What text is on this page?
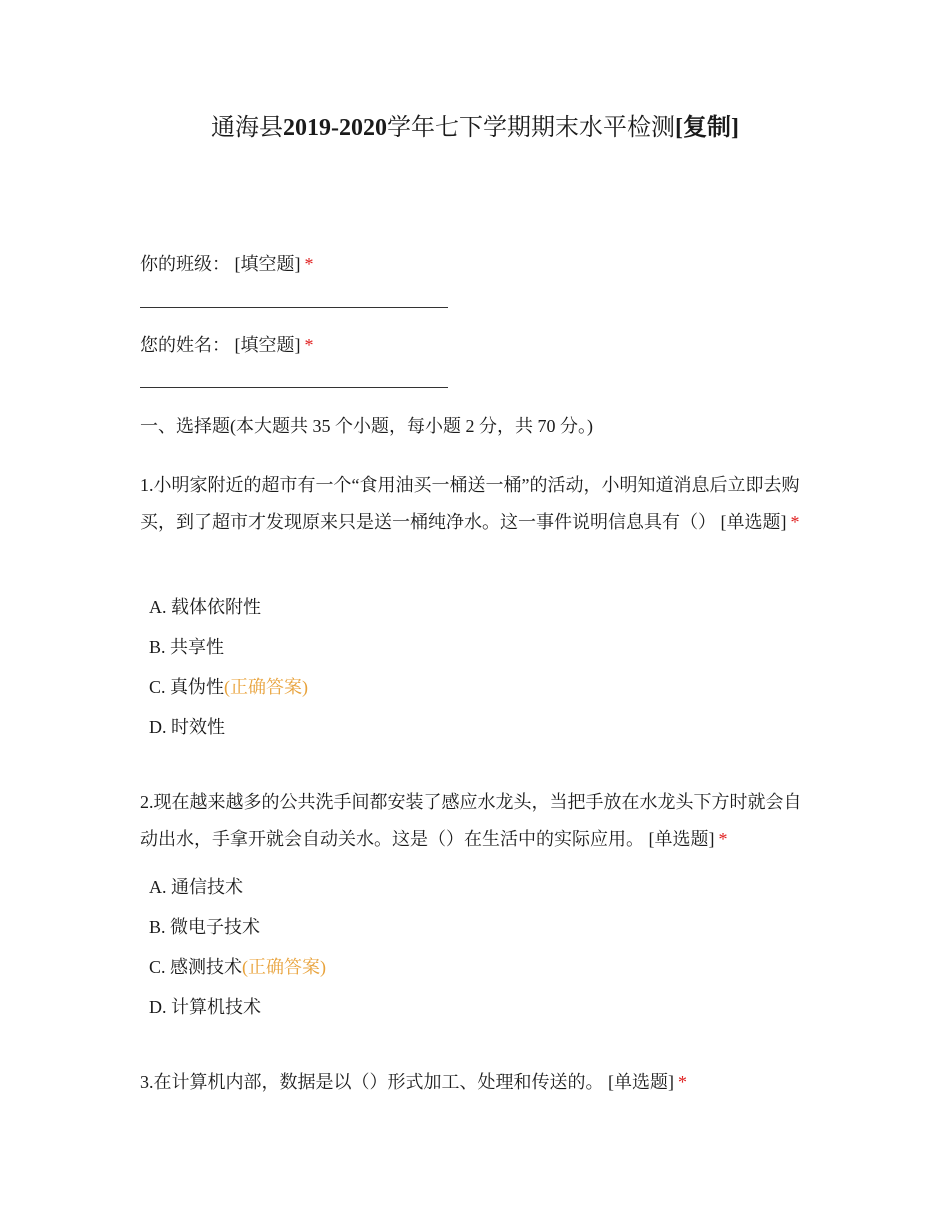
通海县2019-2020学年七下学期期末水平检测[复制]
你的班级： [填空题] *
您的姓名： [填空题] *
一、选择题(本大题共 35 个小题，每小题 2 分，共 70 分。)
1.小明家附近的超市有一个“食用油买一桶送一桶”的活动，小明知道消息后立即去购买，到了超市才发现原来只是送一桶纯净水。这一事件说明信息具有（） [单选题] *
A. 载体依附性
B. 共享性
C. 真伪性(正确答案)
D. 时效性
2.现在越来越多的公共洗手间都安装了感应水龙头，当把手放在水龙头下方时就会自动出水，手拿开就会自动关水。这是（）在生活中的实际应用。 [单选题] *
A. 通信技术
B. 微电子技术
C. 感测技术(正确答案)
D. 计算机技术
3.在计算机内部，数据是以（）形式加工、处理和传送的。 [单选题] *
